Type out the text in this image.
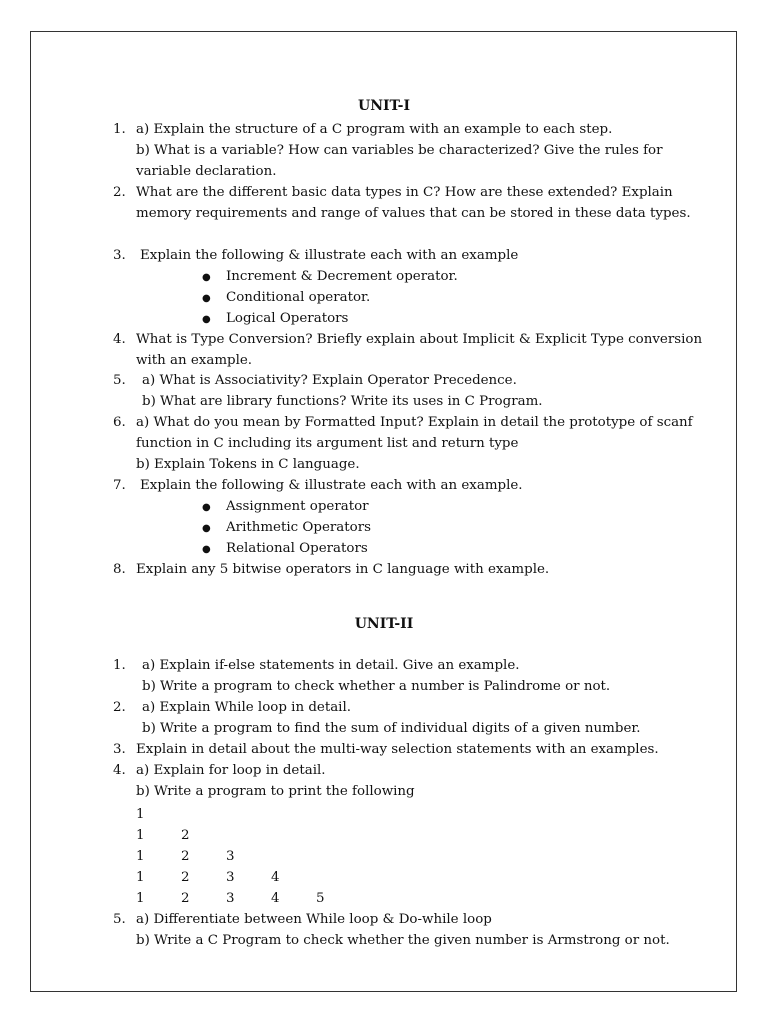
UNIT-I
1. a) Explain the structure of a C program with an example to each step.
b) What is a variable? How can variables be characterized? Give the rules for
variable declaration.
2. What are the different basic data types in C? How are these extended? Explain
memory requirements and range of values that can be stored in these data types.
3. Explain the following & illustrate each with an example
● Increment & Decrement operator.
● Conditional operator.
● Logical Operators
4. What is Type Conversion? Briefly explain about Implicit & Explicit Type conversion
with an example.
5. a) What is Associativity? Explain Operator Precedence.
b) What are library functions? Write its uses in C Program.
6. a) What do you mean by Formatted Input? Explain in detail the prototype of scanf
function in C including its argument list and return type
b) Explain Tokens in C language.
7. Explain the following & illustrate each with an example.
● Assignment operator
● Arithmetic Operators
● Relational Operators
8. Explain any 5 bitwise operators in C language with example.
UNIT-II
1. a) Explain if-else statements in detail. Give an example.
b) Write a program to check whether a number is Palindrome or not.
2. a) Explain While loop in detail.
b) Write a program to find the sum of individual digits of a given number.
3. Explain in detail about the multi-way selection statements with an examples.
4. a) Explain for loop in detail.
b) Write a program to print the following
1
1	2
1	2	3
1	2	3	4
1	2	3	4	5
5. a) Differentiate between While loop & Do-while loop
b) Write a C Program to check whether the given number is Armstrong or not.
